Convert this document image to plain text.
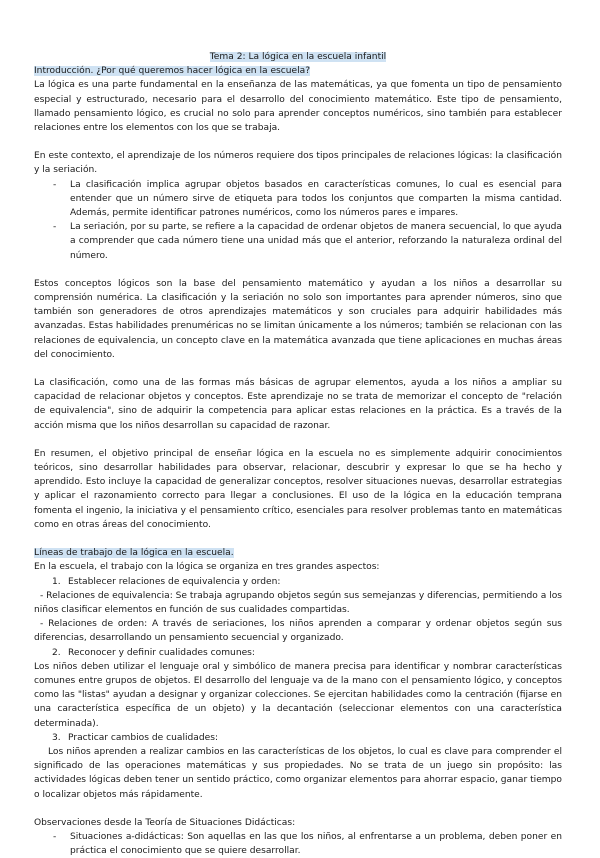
Tema 2: La lógica en la escuela infantil
Introducción. ¿Por qué queremos hacer lógica en la escuela?

La lógica es una parte fundamental en la enseñanza de las matemáticas, ya que fomenta un tipo de pensamiento especial y estructurado, necesario para el desarrollo del conocimiento matemático. Este tipo de pensamiento, llamado pensamiento lógico, es crucial no solo para aprender conceptos numéricos, sino también para establecer relaciones entre los elementos con los que se trabaja.

En este contexto, el aprendizaje de los números requiere dos tipos principales de relaciones lógicas: la clasificación y la seriación.

- La clasificación implica agrupar objetos basados en características comunes, lo cual es esencial para entender que un número sirve de etiqueta para todos los conjuntos que comparten la misma cantidad. Además, permite identificar patrones numéricos, como los números pares e impares.
- La seriación, por su parte, se refiere a la capacidad de ordenar objetos de manera secuencial, lo que ayuda a comprender que cada número tiene una unidad más que el anterior, reforzando la naturaleza ordinal del número.

Estos conceptos lógicos son la base del pensamiento matemático y ayudan a los niños a desarrollar su comprensión numérica. La clasificación y la seriación no solo son importantes para aprender números, sino que también son generadores de otros aprendizajes matemáticos y son cruciales para adquirir habilidades más avanzadas. Estas habilidades prenuméricas no se limitan únicamente a los números; también se relacionan con las relaciones de equivalencia, un concepto clave en la matemática avanzada que tiene aplicaciones en muchas áreas del conocimiento.

La clasificación, como una de las formas más básicas de agrupar elementos, ayuda a los niños a ampliar su capacidad de relacionar objetos y conceptos. Este aprendizaje no se trata de memorizar el concepto de "relación de equivalencia", sino de adquirir la competencia para aplicar estas relaciones en la práctica. Es a través de la acción misma que los niños desarrollan su capacidad de razonar.

En resumen, el objetivo principal de enseñar lógica en la escuela no es simplemente adquirir conocimientos teóricos, sino desarrollar habilidades para observar, relacionar, descubrir y expresar lo que se ha hecho y aprendido. Esto incluye la capacidad de generalizar conceptos, resolver situaciones nuevas, desarrollar estrategias y aplicar el razonamiento correcto para llegar a conclusiones. El uso de la lógica en la educación temprana fomenta el ingenio, la iniciativa y el pensamiento crítico, esenciales para resolver problemas tanto en matemáticas como en otras áreas del conocimiento.

Líneas de trabajo de la lógica en la escuela.

En la escuela, el trabajo con la lógica se organiza en tres grandes aspectos:

1. Establecer relaciones de equivalencia y orden:

- Relaciones de equivalencia: Se trabaja agrupando objetos según sus semejanzas y diferencias, permitiendo a los niños clasificar elementos en función de sus cualidades compartidas.

- Relaciones de orden: A través de seriaciones, los niños aprenden a comparar y ordenar objetos según sus diferencias, desarrollando un pensamiento secuencial y organizado.

2. Reconocer y definir cualidades comunes:

Los niños deben utilizar el lenguaje oral y simbólico de manera precisa para identificar y nombrar características comunes entre grupos de objetos. El desarrollo del lenguaje va de la mano con el pensamiento lógico, y conceptos como las "listas" ayudan a designar y organizar colecciones. Se ejercitan habilidades como la centración (fijarse en una característica específica de un objeto) y la decantación (seleccionar elementos con una característica determinada).

3. Practicar cambios de cualidades:

Los niños aprenden a realizar cambios en las características de los objetos, lo cual es clave para comprender el significado de las operaciones matemáticas y sus propiedades. No se trata de un juego sin propósito: las actividades lógicas deben tener un sentido práctico, como organizar elementos para ahorrar espacio, ganar tiempo o localizar objetos más rápidamente.

Observaciones desde la Teoría de Situaciones Didácticas:
- Situaciones a-didácticas: Son aquellas en las que los niños, al enfrentarse a un problema, deben poner en práctica el conocimiento que se quiere desarrollar.
